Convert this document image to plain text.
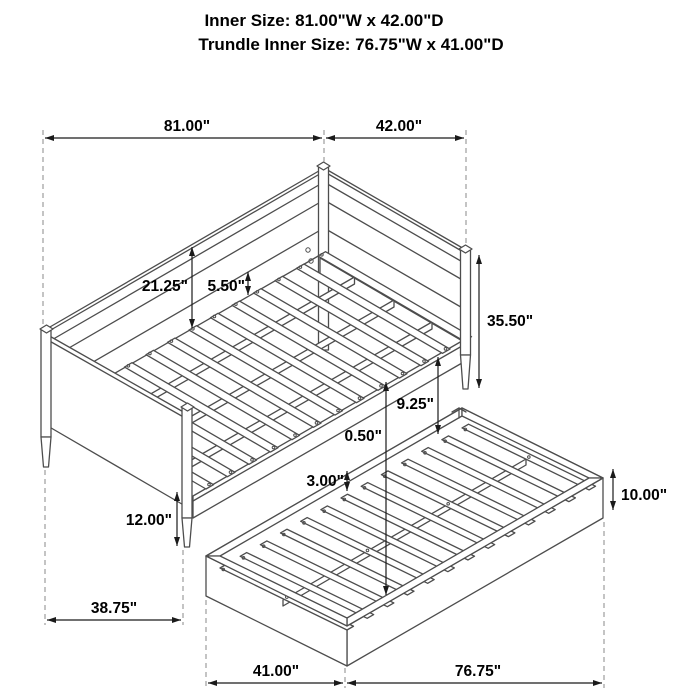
Inner Size: 81.00"W x 42.00"D
Trundle Inner Size: 76.75"W x 41.00"D
81.00"	42.00"
21.25" 5.50"
35.50"
9.25"
0.50"
3.00"
12.00"
10.00"
38.75"
41.00"	76.75"
